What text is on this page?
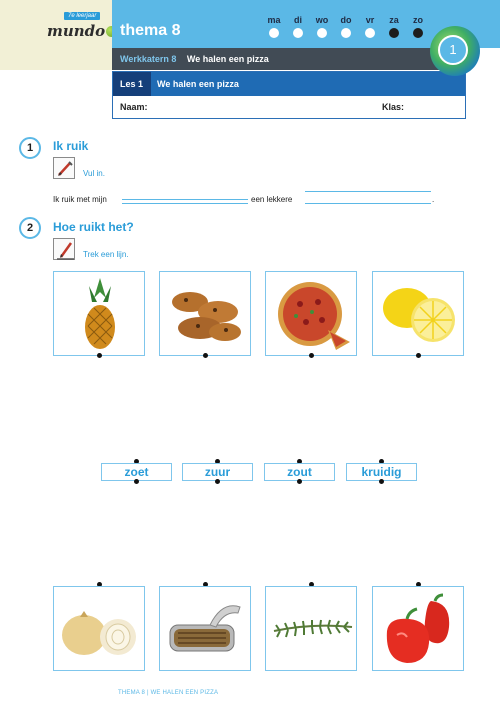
7e leerjaar
mundo thema 8
ma	di	wo	do	vr	za	zo
Werkkatern 8 We halen een pizza
Les 1 We halen een pizza
Naam:	Klas:
1
1	Ik ruik
Vul in.
Ik ruik met mijn	een lekkere	.
2	Hoe ruikt het?
Trek een lijn.
zoet	zuur	zout	kruidig
THEMA 8 | WE HALEN EEN PIZZA
